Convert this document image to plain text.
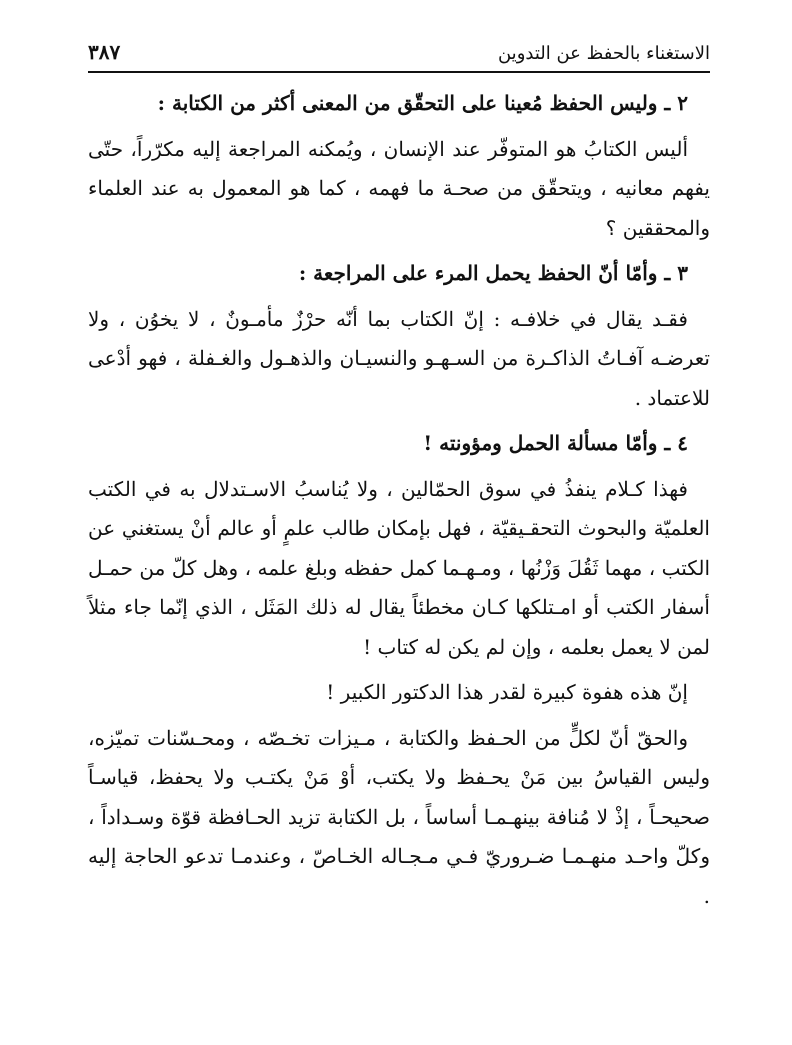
الاستغناء بالحفظ عن التدوين
٣٨٧

٢ ـ وليس الحفظ مُعينا على التحقّق من المعنى أكثر من الكتابة :

أليس الكتابُ هو المتوفّر عند الإنسان ، ويُمكنه المراجعة إليه مكرّراً، حتّى يفهم معانيه ، ويتحقّق من صحـة ما فهمه ، كما هو المعمول به عند العلماء والمحققين ؟

٣ ـ وأمّا أنّ الحفظ يحمل المرء على المراجعة :

فقـد يقال في خلافـه : إنّ الكتاب بما أنّه حرْزٌ مأمـونٌ ، لا يخوُن ، ولا تعرضـه آفـاتُ الذاكـرة من السـهـو والنسيـان والذهـول والغـفلة ، فهو أدْعى للاعتماد .

٤ ـ وأمّا مسألة الحمل ومؤونته !

فهذا كـلام ينفذُ في سوق الحمّالين ، ولا يُناسبُ الاسـتدلال به في الكتب العلميّة والبحوث التحقـيقيّة ، فهل بإمكان طالب علمٍ أو عالم أنْ يستغني عن الكتب ، مهما ثَقُلَ وَزْنُها ، ومـهـما كمل حفظه وبلغ علمه ، وهل كلّ من حمـل أسفار الكتب أو امـتلكها كـان مخطئاً يقال له ذلك المَثَل ، الذي إنّما جاء مثلاً لمن لا يعمل بعلمه ، وإن لم يكن له كتاب !

إنّ هذه هفوة كبيرة لقدر هذا الدكتور الكبير !

والحقّ أنّ لكلٍّ من الحـفظ والكتابة ، مـيزات تخـصّه ، ومحـسّنات تميّزه، وليس القياسُ بين مَنْ يحـفظ ولا يكتب، أوْ مَنْ يكتـب ولا يحفظ، قياسـاً صحيحـاً ، إذْ لا مُنافة بينهـمـا أساساً ، بل الكتابة تزيد الحـافظة قوّة وسـداداً ، وكلّ واحـد منهـمـا ضـروريّ فـي مـجـاله الخـاصّ ، وعندمـا تدعو الحاجة إليه .
